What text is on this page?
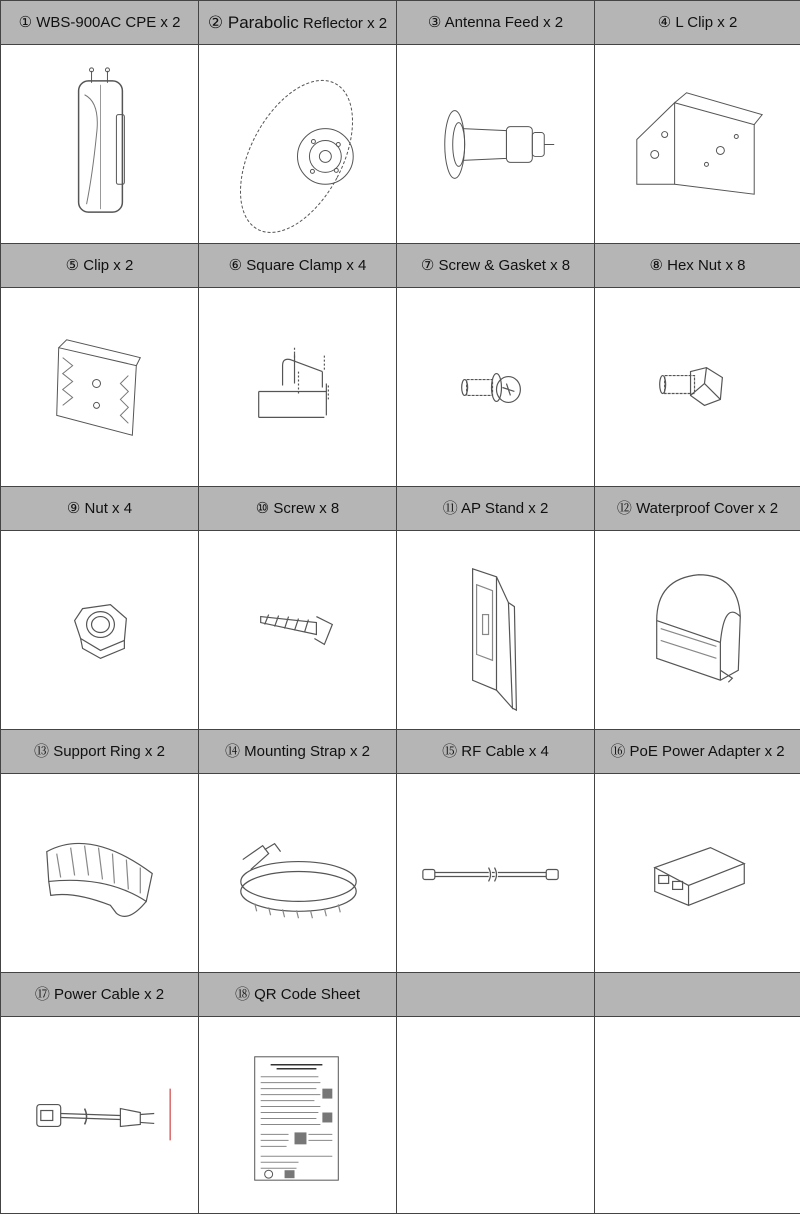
① WBS-900AC CPE x 2	② Parabolic Reflector x 2	③ Antenna Feed x 2	④ L Clip x 2

⑤ Clip x 2	⑥ Square Clamp x 4	⑦ Screw & Gasket x 8	⑧ Hex Nut x 8

⑨ Nut x 4	⑩ Screw x 8	⑪ AP Stand x 2	⑫ Waterproof Cover x 2

⑬ Support Ring x 2	⑭ Mounting Strap x 2	⑮ RF Cable x 4	⑯ PoE Power Adapter x 2

⑰ Power Cable x 2	⑱ QR Code Sheet		
